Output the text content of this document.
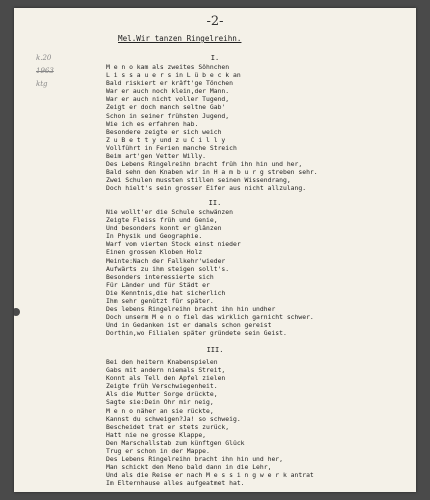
-2-
k.20
1963
ktg
Mel.Wir tanzen Ringelreihn.
I.
M e n o kam als zweites Söhnchen
L i s s a u e r s in L ü b e c k an
Bald riskiert er kräft'ge Tönchen
War er auch noch klein,der Mann.
War er auch nicht voller Tugend,
Zeigt er doch manch seltne Gab'
Schon in seiner frühsten Jugend,
Wie ich es erfahren hab.
Besondere zeigte er sich weich
Z u B e t t y und z u C i l l y
Vollführt in Ferien manche Streich
Beim art'gen Vetter Willy.
Des Lebens Ringelreihn bracht früh ihn hin und her,
Bald sehn den Knaben wir in H a m b u r g streben sehr.
Zwei Schulen mussten stillen seinen Wissendrang,
Doch hielt's sein grosser Eifer aus nicht allzulang.
II.
Nie wollt'er die Schule schwänzen
Zeigte Fleiss früh und Genie,
Und besonders konnt er glänzen
In Physik und Geographie.
Warf vom vierten Stock einst nieder
Einen grossen Kloben Holz
Meinte:Nach der Fallkehr'wieder
Aufwärts zu ihm steigen sollt's.
Besonders interessierte sich
Für Länder und für Städt er
Die Kenntnis,die hat sicherlich
Ihm sehr genützt für später.
Des lebens Ringelreihn bracht ihn hin undher
Doch unserm M e n o fiel das wirklich garnicht schwer.
Und in Gedanken ist er damals schon gereist
Dorthin,wo Filialen später gründete sein Geist.
III.
Bei den heitern Knabenspielen
Gabs mit andern niemals Streit,
Konnt als Tell den Apfel zielen
Zeigte früh Verschwiegenheit.
Als die Mutter Sorge drückte,
Sagte sie:Dein Ohr mir neig,
M e n o näher an sie rückte,
Kannst du schweigen?Ja! so schweig.
Bescheidet trat er stets zurück,
Hatt nie ne grosse Klappe,
Den Marschallstab zum künftgen Glück
Trug er schon in der Mappe.
Des Lebens Ringelreihn bracht ihn hin und her,
Man schickt den Meno bald dann in die Lehr,
Und als die Reise er nach M e s s i n g w e r k antrat
Im Elternhause alles aufgeatmet hat.
